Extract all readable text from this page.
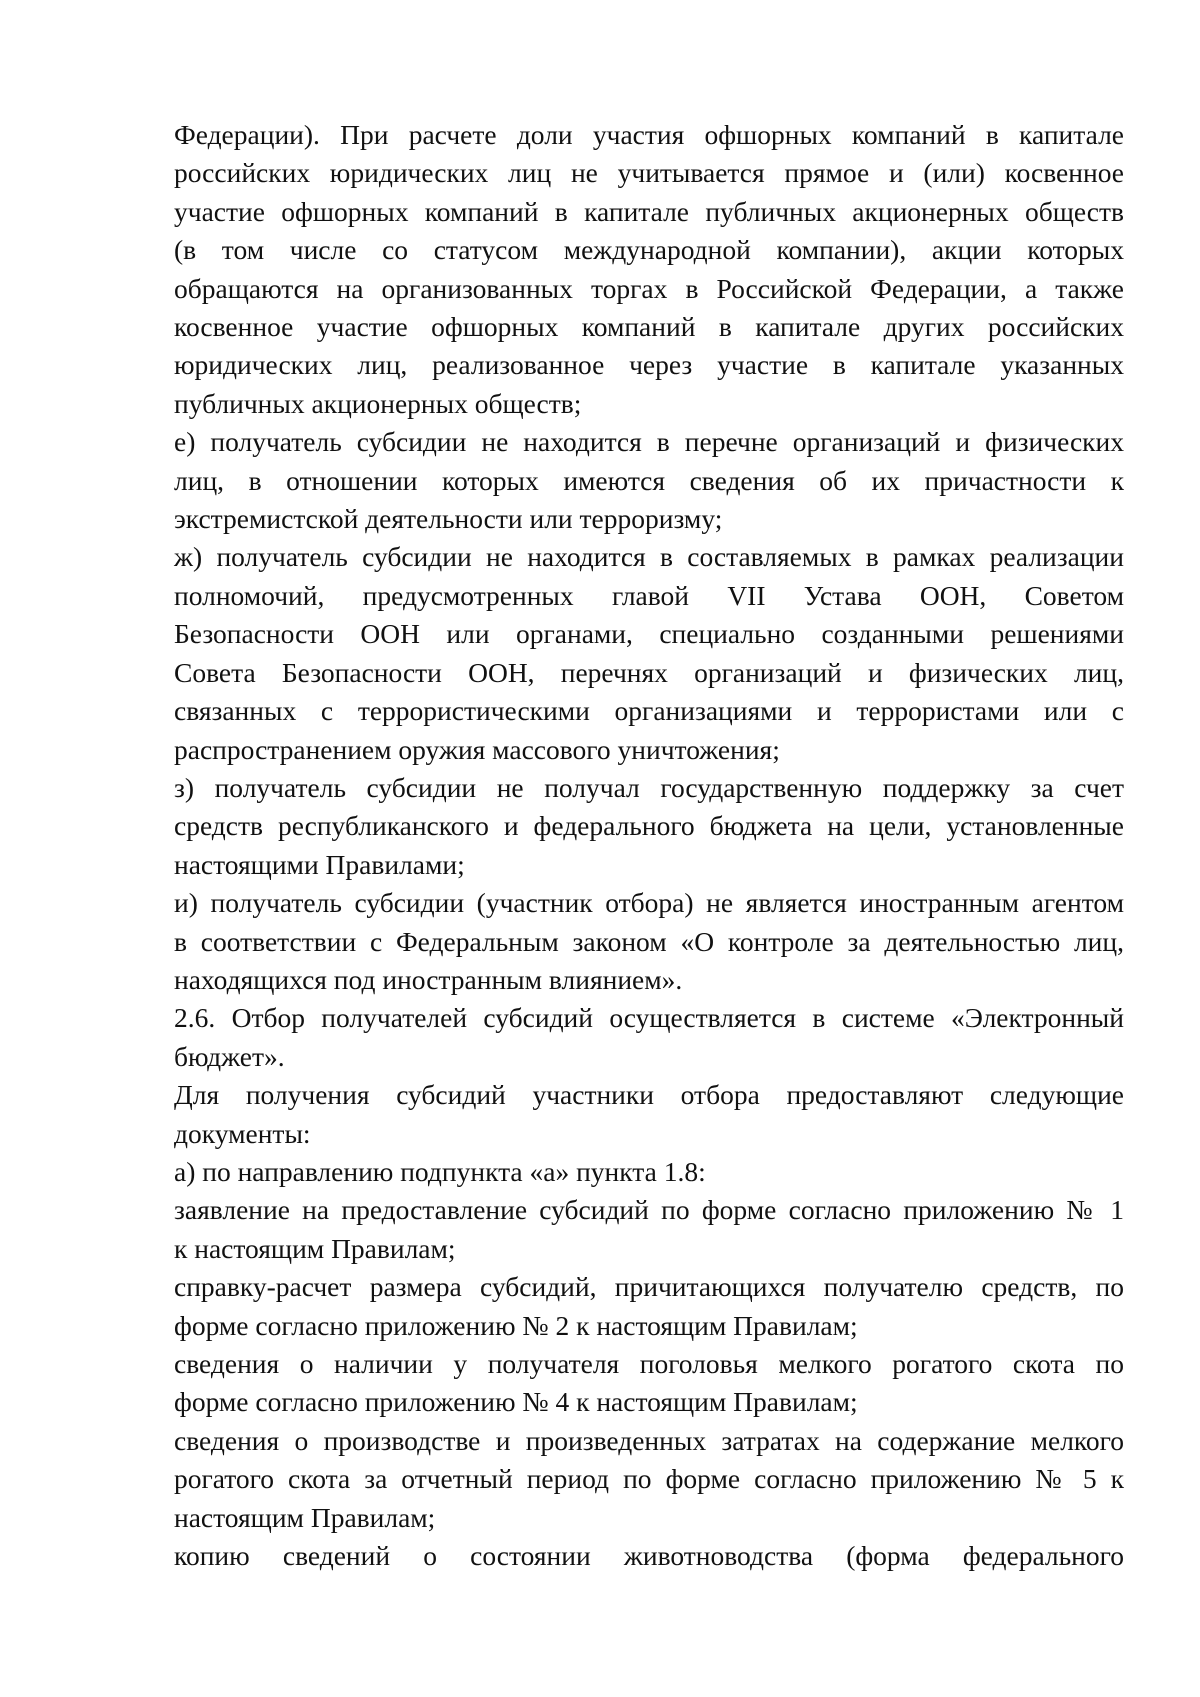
Федерации). При расчете доли участия офшорных компаний в капитале
российских юридических лиц не учитывается прямое и (или) косвенное
участие офшорных компаний в капитале публичных акционерных обществ
(в том числе со статусом международной компании), акции которых
обращаются на организованных торгах в Российской Федерации, а также
косвенное участие офшорных компаний в капитале других российских
юридических лиц, реализованное через участие в капитале указанных
публичных акционерных обществ;
е) получатель субсидии не находится в перечне организаций и физических
лиц, в отношении которых имеются сведения об их причастности к
экстремистской деятельности или терроризму;
ж) получатель субсидии не находится в составляемых в рамках реализации
полномочий, предусмотренных главой VII Устава ООН, Советом
Безопасности ООН или органами, специально созданными решениями
Совета Безопасности ООН, перечнях организаций и физических лиц,
связанных с террористическими организациями и террористами или с
распространением оружия массового уничтожения;
з) получатель субсидии не получал государственную поддержку за счет
средств республиканского и федерального бюджета на цели, установленные
настоящими Правилами;
и) получатель субсидии (участник отбора) не является иностранным агентом
в соответствии с Федеральным законом «О контроле за деятельностью лиц,
находящихся под иностранным влиянием».
2.6. Отбор получателей субсидий осуществляется в системе «Электронный
бюджет».
Для получения субсидий участники отбора предоставляют следующие
документы:
а) по направлению подпункта «а» пункта 1.8:
заявление на предоставление субсидий по форме согласно приложению № 1
к настоящим Правилам;
справку-расчет размера субсидий, причитающихся получателю средств, по
форме согласно приложению № 2 к настоящим Правилам;
сведения о наличии у получателя поголовья мелкого рогатого скота по
форме согласно приложению № 4 к настоящим Правилам;
сведения о производстве и произведенных затратах на содержание мелкого
рогатого скота за отчетный период по форме согласно приложению № 5 к
настоящим Правилам;
копию сведений о состоянии животноводства (форма федерального
